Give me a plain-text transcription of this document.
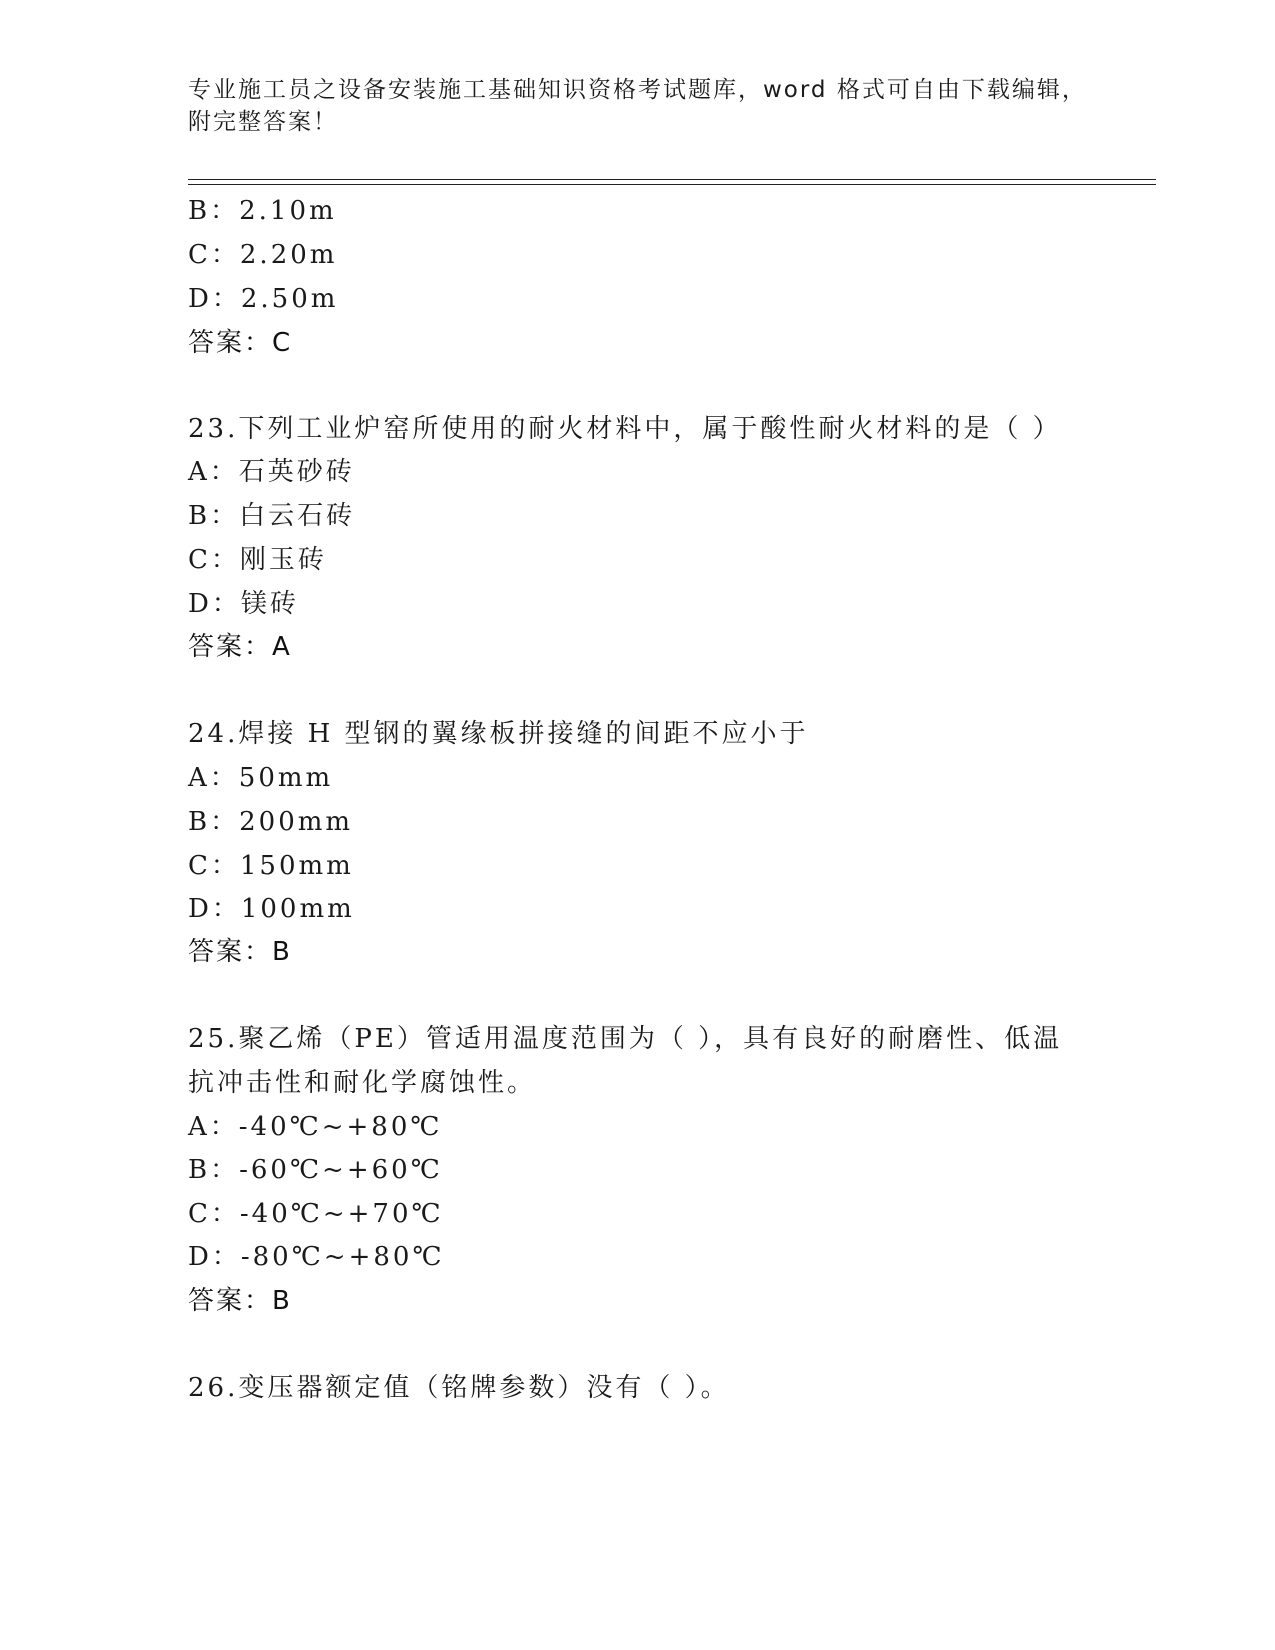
专业施工员之设备安装施工基础知识资格考试题库，word 格式可自由下载编辑，
附完整答案！
B：2.10m
C：2.20m
D：2.50m
答案：C
23.下列工业炉窑所使用的耐火材料中，属于酸性耐火材料的是（ ）
A：石英砂砖
B：白云石砖
C：刚玉砖
D：镁砖
答案：A
24.焊接 H 型钢的翼缘板拼接缝的间距不应小于
A：50mm
B：200mm
C：150mm
D：100mm
答案：B
25.聚乙烯（PE）管适用温度范围为（ ），具有良好的耐磨性、低温
抗冲击性和耐化学腐蚀性。
A：-40℃~+80℃
B：-60℃~+60℃
C：-40℃~+70℃
D：-80℃~+80℃
答案：B
26.变压器额定值（铭牌参数）没有（ ）。
